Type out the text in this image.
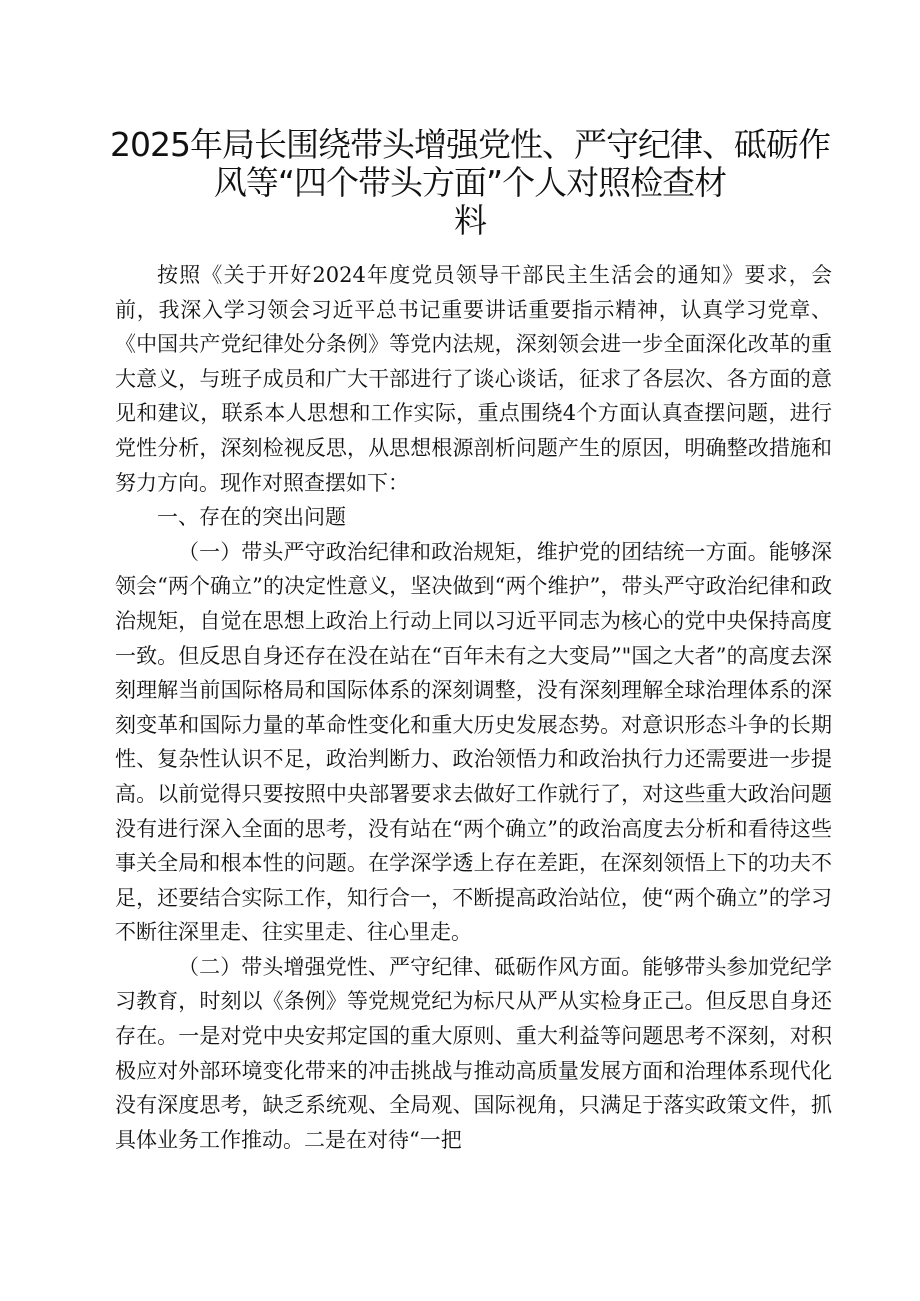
2025年局长围绕带头增强党性、严守纪律、砥砺作
风等“四个带头方面”个人对照检查材
料

按照《关于开好2024年度党员领导干部民主生活会的通知》要求，会前，我深入学习领会习近平总书记重要讲话重要指示精神，认真学习党章、《中国共产党纪律处分条例》等党内法规，深刻领会进一步全面深化改革的重大意义，与班子成员和广大干部进行了谈心谈话，征求了各层次、各方面的意见和建议，联系本人思想和工作实际，重点围绕4个方面认真查摆问题，进行党性分析，深刻检视反思，从思想根源剖析问题产生的原因，明确整改措施和努力方向。现作对照查摆如下：

一、存在的突出问题

（一）带头严守政治纪律和政治规矩，维护党的团结统一方面。能够深领会“两个确立”的决定性意义，坚决做到“两个维护”，带头严守政治纪律和政治规矩，自觉在思想上政治上行动上同以习近平同志为核心的党中央保持高度一致。但反思自身还存在没在站在“百年未有之大变局”"国之大者”的高度去深刻理解当前国际格局和国际体系的深刻调整，没有深刻理解全球治理体系的深刻变革和国际力量的革命性变化和重大历史发展态势。对意识形态斗争的长期性、复杂性认识不足，政治判断力、政治领悟力和政治执行力还需要进一步提高。以前觉得只要按照中央部署要求去做好工作就行了，对这些重大政治问题没有进行深入全面的思考，没有站在“两个确立”的政治高度去分析和看待这些事关全局和根本性的问题。在学深学透上存在差距，在深刻领悟上下的功夫不足，还要结合实际工作，知行合一，不断提高政治站位，使“两个确立”的学习不断往深里走、往实里走、往心里走。

（二）带头增强党性、严守纪律、砥砺作风方面。能够带头参加党纪学习教育，时刻以《条例》等党规党纪为标尺从严从实检身正己。但反思自身还存在。一是对党中央安邦定国的重大原则、重大利益等问题思考不深刻，对积极应对外部环境变化带来的冲击挑战与推动高质量发展方面和治理体系现代化没有深度思考，缺乏系统观、全局观、国际视角，只满足于落实政策文件，抓具体业务工作推动。二是在对待“一把
